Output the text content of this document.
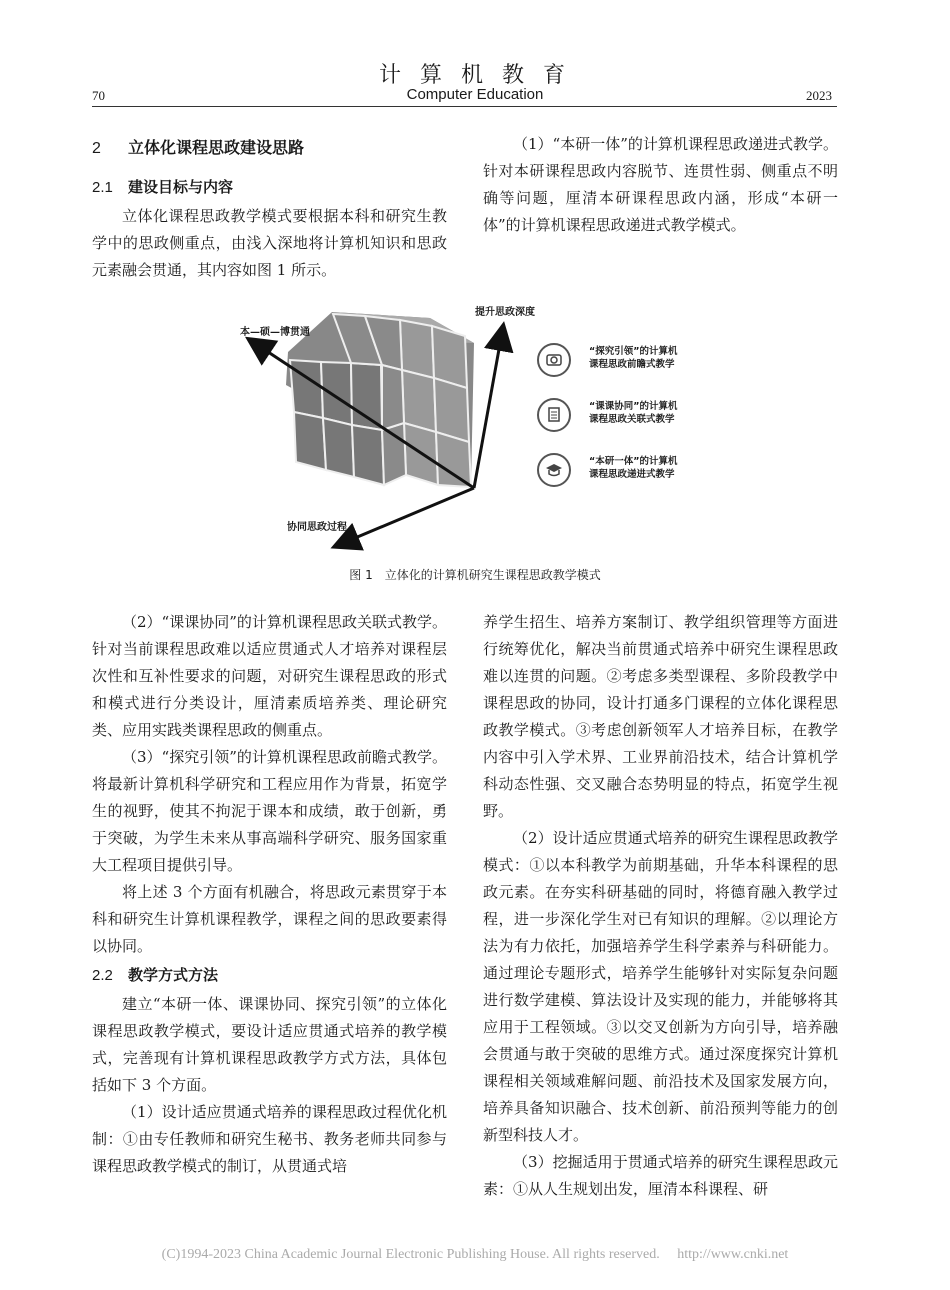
计 算 机 教 育
Computer Education
70	2023
2 立体化课程思政建设思路
2.1 建设目标与内容

立体化课程思政教学模式要根据本科和研究生教学中的思政侧重点，由浅入深地将计算机知识和思政元素融会贯通，其内容如图 1 所示。

（1）“本研一体”的计算机课程思政递进式教学。针对本研课程思政内容脱节、连贯性弱、侧重点不明确等问题，厘清本研课程思政内涵，形成“本研一体”的计算机课程思政递进式教学模式。

提升思政深度
本—硕—博贯通
协同思政过程
“探究引领”的计算机
课程思政前瞻式教学
“课课协同”的计算机
课程思政关联式教学
“本研一体”的计算机
课程思政递进式教学
图 1　立体化的计算机研究生课程思政教学模式

（2）“课课协同”的计算机课程思政关联式教学。针对当前课程思政难以适应贯通式人才培养对课程层次性和互补性要求的问题，对研究生课程思政的形式和模式进行分类设计，厘清素质培养类、理论研究类、应用实践类课程思政的侧重点。

（3）“探究引领”的计算机课程思政前瞻式教学。将最新计算机科学研究和工程应用作为背景，拓宽学生的视野，使其不拘泥于课本和成绩，敢于创新，勇于突破，为学生未来从事高端科学研究、服务国家重大工程项目提供引导。

将上述 3 个方面有机融合，将思政元素贯穿于本科和研究生计算机课程教学，课程之间的思政要素得以协同。

2.2 教学方式方法

建立“本研一体、课课协同、探究引领”的立体化课程思政教学模式，要设计适应贯通式培养的教学模式，完善现有计算机课程思政教学方式方法，具体包括如下 3 个方面。

（1）设计适应贯通式培养的课程思政过程优化机制：①由专任教师和研究生秘书、教务老师共同参与课程思政教学模式的制订，从贯通式培

养学生招生、培养方案制订、教学组织管理等方面进行统筹优化，解决当前贯通式培养中研究生课程思政难以连贯的问题。②考虑多类型课程、多阶段教学中课程思政的协同，设计打通多门课程的立体化课程思政教学模式。③考虑创新领军人才培养目标，在教学内容中引入学术界、工业界前沿技术，结合计算机学科动态性强、交叉融合态势明显的特点，拓宽学生视野。

（2）设计适应贯通式培养的研究生课程思政教学模式：①以本科教学为前期基础，升华本科课程的思政元素。在夯实科研基础的同时，将德育融入教学过程，进一步深化学生对已有知识的理解。②以理论方法为有力依托，加强培养学生科学素养与科研能力。通过理论专题形式，培养学生能够针对实际复杂问题进行数学建模、算法设计及实现的能力，并能够将其应用于工程领域。③以交叉创新为方向引导，培养融会贯通与敢于突破的思维方式。通过深度探究计算机课程相关领域难解问题、前沿技术及国家发展方向，培养具备知识融合、技术创新、前沿预判等能力的创新型科技人才。

（3）挖掘适用于贯通式培养的研究生课程思政元素：①从人生规划出发，厘清本科课程、研

(C)1994-2023 China Academic Journal Electronic Publishing House. All rights reserved.　 http://www.cnki.net
